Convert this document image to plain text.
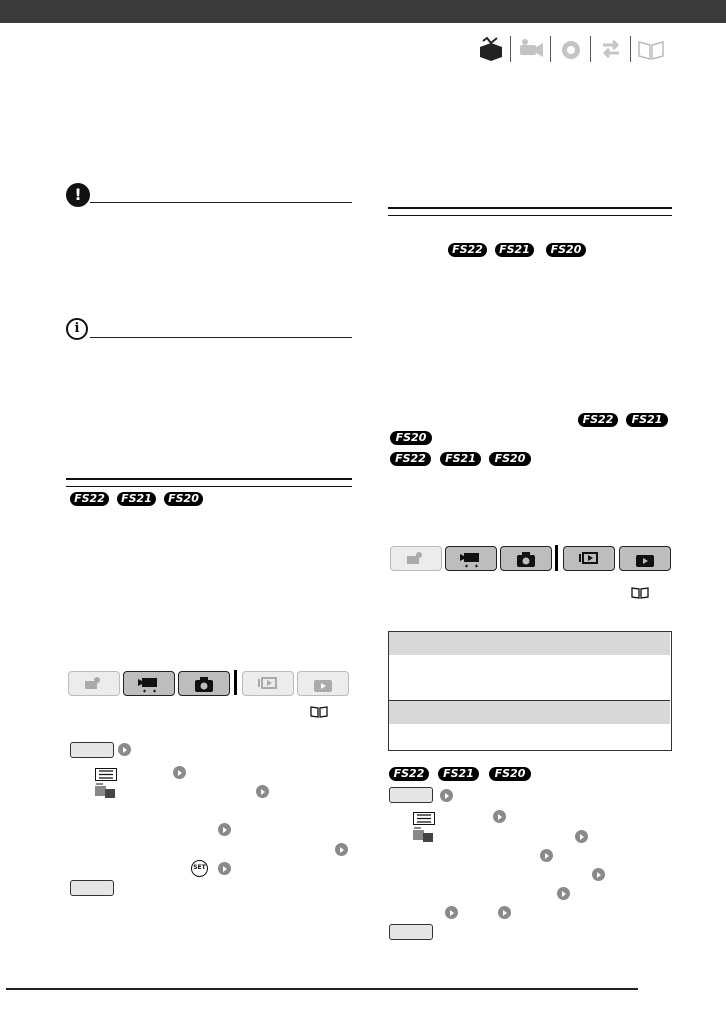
!
i
FS22	FS21	FS20
SET
FS22	FS21	FS20
FS22	FS21
FS20
FS22	FS21	FS20
FS22	FS21	FS20
